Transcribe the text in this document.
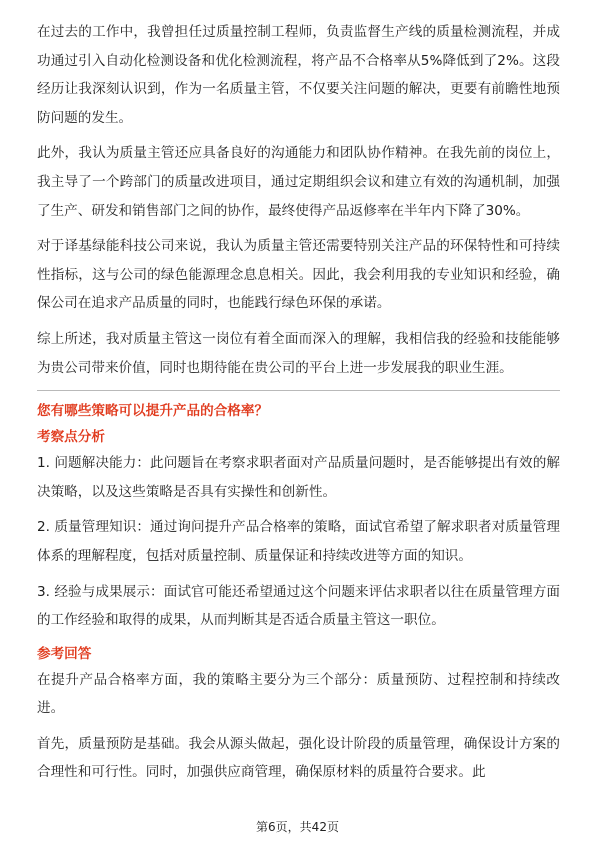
在过去的工作中，我曾担任过质量控制工程师，负责监督生产线的质量检测流程，并成功通过引入自动化检测设备和优化检测流程，将产品不合格率从5%降低到了2%。这段经历让我深刻认识到，作为一名质量主管，不仅要关注问题的解决，更要有前瞻性地预防问题的发生。

此外，我认为质量主管还应具备良好的沟通能力和团队协作精神。在我先前的岗位上，我主导了一个跨部门的质量改进项目，通过定期组织会议和建立有效的沟通机制，加强了生产、研发和销售部门之间的协作，最终使得产品返修率在半年内下降了30%。

对于译基绿能科技公司来说，我认为质量主管还需要特别关注产品的环保特性和可持续性指标，这与公司的绿色能源理念息息相关。因此，我会利用我的专业知识和经验，确保公司在追求产品质量的同时，也能践行绿色环保的承诺。

综上所述，我对质量主管这一岗位有着全面而深入的理解，我相信我的经验和技能能够为贵公司带来价值，同时也期待能在贵公司的平台上进一步发展我的职业生涯。

您有哪些策略可以提升产品的合格率？
考察点分析

1. 问题解决能力：此问题旨在考察求职者面对产品质量问题时，是否能够提出有效的解决策略，以及这些策略是否具有实操性和创新性。

2. 质量管理知识：通过询问提升产品合格率的策略，面试官希望了解求职者对质量管理体系的理解程度，包括对质量控制、质量保证和持续改进等方面的知识。

3. 经验与成果展示：面试官可能还希望通过这个问题来评估求职者以往在质量管理方面的工作经验和取得的成果，从而判断其是否适合质量主管这一职位。

参考回答

在提升产品合格率方面，我的策略主要分为三个部分：质量预防、过程控制和持续改进。

首先，质量预防是基础。我会从源头做起，强化设计阶段的质量管理，确保设计方案的合理性和可行性。同时，加强供应商管理，确保原材料的质量符合要求。此

第6页，共42页
